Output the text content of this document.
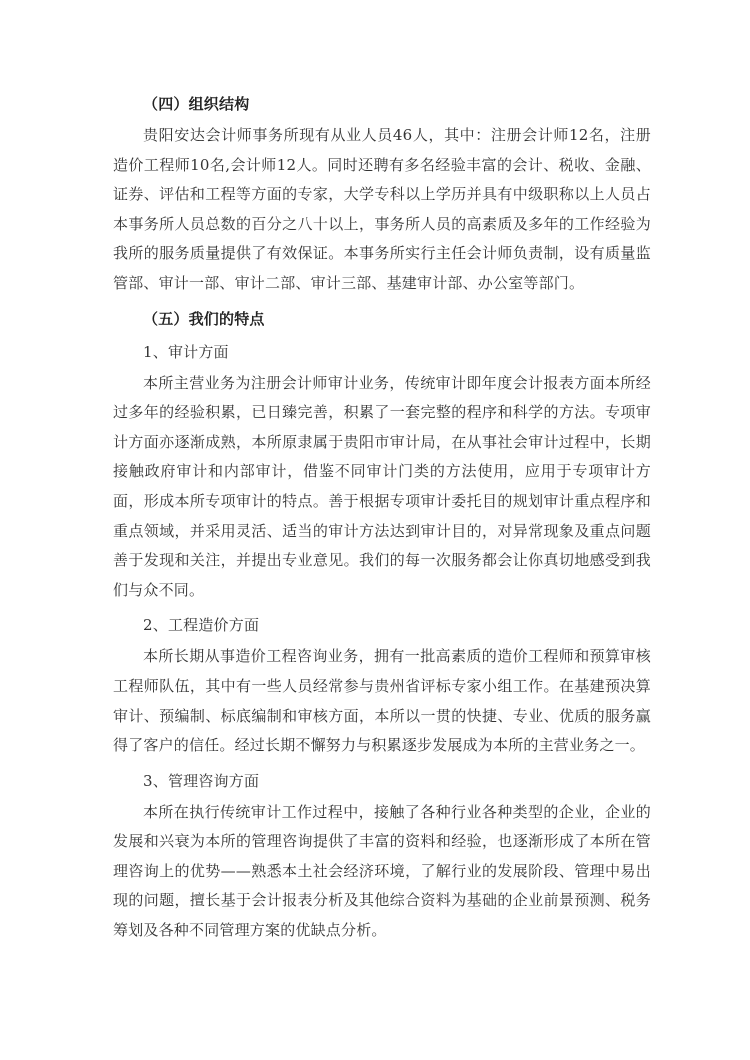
（四）组织结构

贵阳安达会计师事务所现有从业人员46人，其中：注册会计师12名，注册造价工程师10名,会计师12人。同时还聘有多名经验丰富的会计、税收、金融、证券、评估和工程等方面的专家，大学专科以上学历并具有中级职称以上人员占本事务所人员总数的百分之八十以上，事务所人员的高素质及多年的工作经验为我所的服务质量提供了有效保证。本事务所实行主任会计师负责制，设有质量监管部、审计一部、审计二部、审计三部、基建审计部、办公室等部门。

（五）我们的特点
1、审计方面

本所主营业务为注册会计师审计业务，传统审计即年度会计报表方面本所经过多年的经验积累，已日臻完善，积累了一套完整的程序和科学的方法。专项审计方面亦逐渐成熟，本所原隶属于贵阳市审计局，在从事社会审计过程中，长期接触政府审计和内部审计，借鉴不同审计门类的方法使用，应用于专项审计方面，形成本所专项审计的特点。善于根据专项审计委托目的规划审计重点程序和重点领域，并采用灵活、适当的审计方法达到审计目的，对异常现象及重点问题善于发现和关注，并提出专业意见。我们的每一次服务都会让你真切地感受到我们与众不同。

2、工程造价方面

本所长期从事造价工程咨询业务，拥有一批高素质的造价工程师和预算审核工程师队伍，其中有一些人员经常参与贵州省评标专家小组工作。在基建预决算审计、预编制、标底编制和审核方面，本所以一贯的快捷、专业、优质的服务赢得了客户的信任。经过长期不懈努力与积累逐步发展成为本所的主营业务之一。

3、管理咨询方面

本所在执行传统审计工作过程中，接触了各种行业各种类型的企业，企业的发展和兴衰为本所的管理咨询提供了丰富的资料和经验，也逐渐形成了本所在管理咨询上的优势——熟悉本土社会经济环境，了解行业的发展阶段、管理中易出现的问题，擅长基于会计报表分析及其他综合资料为基础的企业前景预测、税务筹划及各种不同管理方案的优缺点分析。
